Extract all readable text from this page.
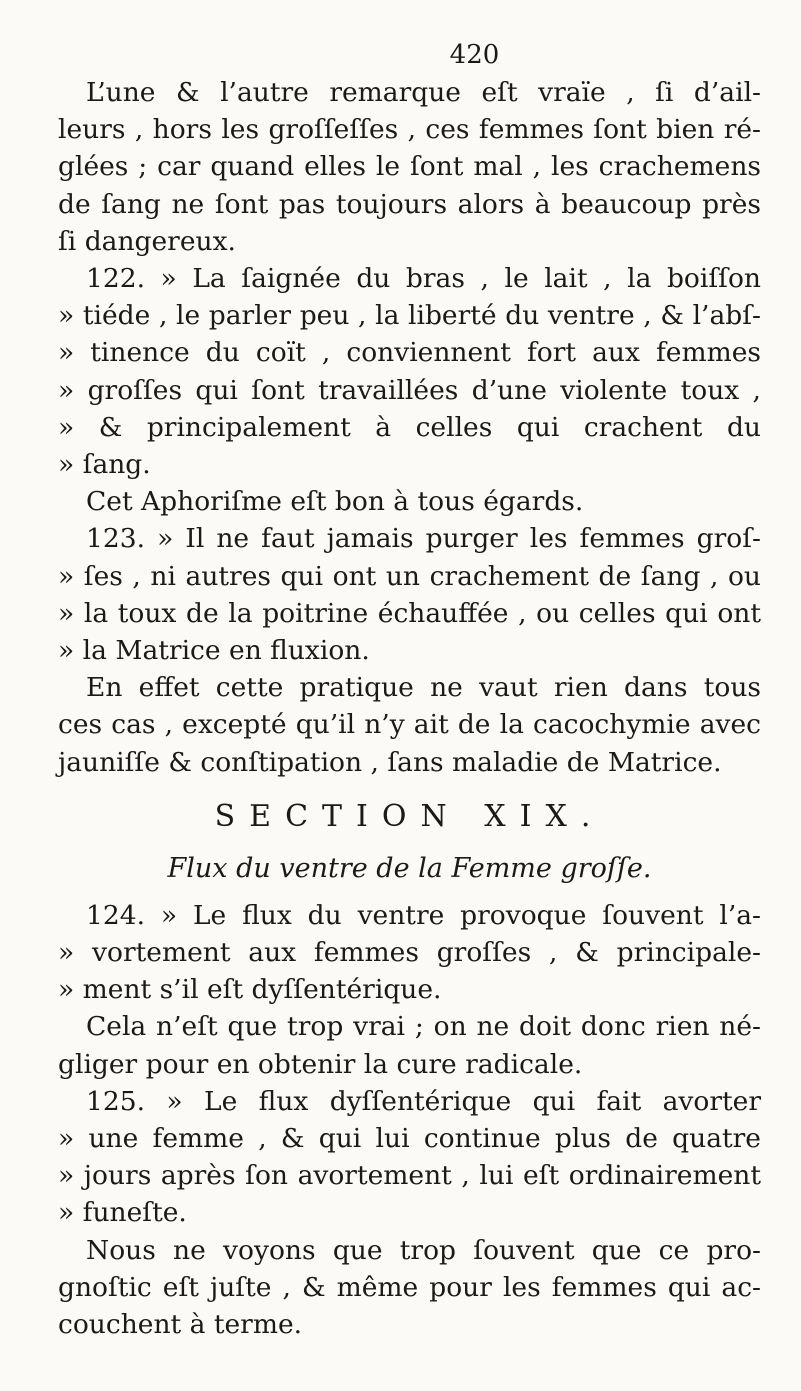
420
L’une & l’autre remarque eſt vraïe , ſi d’ail-
leurs , hors les groſſeſſes , ces femmes ſont bien ré-
glées ; car quand elles le ſont mal , les crachemens
de ſang ne ſont pas toujours alors à beaucoup près
ſi dangereux.
122. » La ſaignée du bras , le lait , la boiſſon
» tiéde , le parler peu , la liberté du ventre , & l’abſ-
» tinence du coït , conviennent fort aux femmes
» groſſes qui ſont travaillées d’une violente toux ,
» & principalement à celles qui crachent du
» ſang.
Cet Aphoriſme eſt bon à tous égards.
123. » Il ne faut jamais purger les femmes groſ-
» ſes , ni autres qui ont un crachement de ſang , ou
» la toux de la poitrine échauffée , ou celles qui ont
» la Matrice en fluxion.
En effet cette pratique ne vaut rien dans tous
ces cas , excepté qu’il n’y ait de la cacochymie avec
jauniſſe & conſtipation , ſans maladie de Matrice.
SECTION XIX.
Flux du ventre de la Femme groſſe.
124. » Le flux du ventre provoque ſouvent l’a-
» vortement aux femmes groſſes , & principale-
» ment s’il eſt dyſſentérique.
Cela n’eſt que trop vrai ; on ne doit donc rien né-
gliger pour en obtenir la cure radicale.
125. » Le flux dyſſentérique qui fait avorter
» une femme , & qui lui continue plus de quatre
» jours après ſon avortement , lui eſt ordinairement
» funeſte.
Nous ne voyons que trop ſouvent que ce pro-
gnoſtic eſt juſte , & même pour les femmes qui ac-
couchent à terme.
